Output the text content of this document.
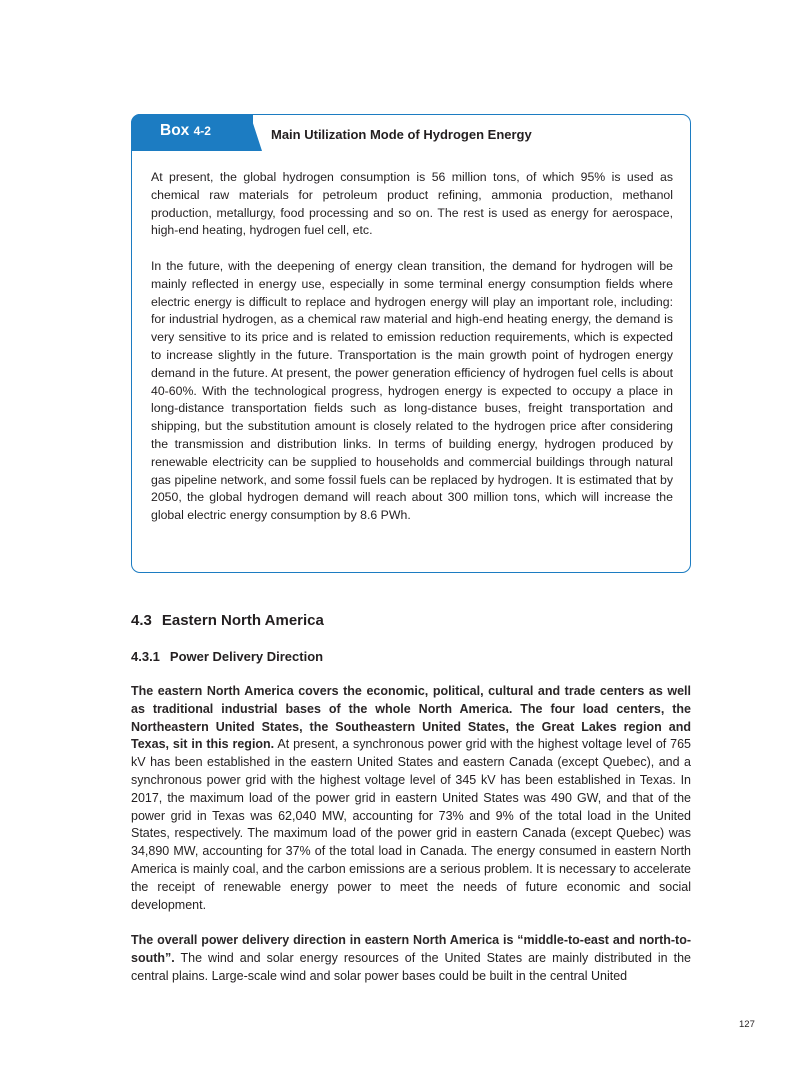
Box 4-2	Main Utilization Mode of Hydrogen Energy

At present, the global hydrogen consumption is 56 million tons, of which 95% is used as chemical raw materials for petroleum product refining, ammonia production, methanol production, metallurgy, food processing and so on. The rest is used as energy for aerospace, high-end heating, hydrogen fuel cell, etc.

In the future, with the deepening of energy clean transition, the demand for hydrogen will be mainly reflected in energy use, especially in some terminal energy consumption fields where electric energy is difficult to replace and hydrogen energy will play an important role, including: for industrial hydrogen, as a chemical raw material and high-end heating energy, the demand is very sensitive to its price and is related to emission reduction requirements, which is expected to increase slightly in the future. Transportation is the main growth point of hydrogen energy demand in the future. At present, the power generation efficiency of hydrogen fuel cells is about 40-60%. With the technological progress, hydrogen energy is expected to occupy a place in long-distance transportation fields such as long-distance buses, freight transportation and shipping, but the substitution amount is closely related to the hydrogen price after considering the transmission and distribution links. In terms of building energy, hydrogen produced by renewable electricity can be supplied to households and commercial buildings through natural gas pipeline network, and some fossil fuels can be replaced by hydrogen. It is estimated that by 2050, the global hydrogen demand will reach about 300 million tons, which will increase the global electric energy consumption by 8.6 PWh.

4.3 Eastern North America
4.3.1 Power Delivery Direction

The eastern North America covers the economic, political, cultural and trade centers as well as traditional industrial bases of the whole North America. The four load centers, the Northeastern United States, the Southeastern United States, the Great Lakes region and Texas, sit in this region. At present, a synchronous power grid with the highest voltage level of 765 kV has been established in the eastern United States and eastern Canada (except Quebec), and a synchronous power grid with the highest voltage level of 345 kV has been established in Texas. In 2017, the maximum load of the power grid in eastern United States was 490 GW, and that of the power grid in Texas was 62,040 MW, accounting for 73% and 9% of the total load in the United States, respectively. The maximum load of the power grid in eastern Canada (except Quebec) was 34,890 MW, accounting for 37% of the total load in Canada. The energy consumed in eastern North America is mainly coal, and the carbon emissions are a serious problem. It is necessary to accelerate the receipt of renewable energy power to meet the needs of future economic and social development.

The overall power delivery direction in eastern North America is “middle-to-east and north-to-south”. The wind and solar energy resources of the United States are mainly distributed in the central plains. Large-scale wind and solar power bases could be built in the central United

127
